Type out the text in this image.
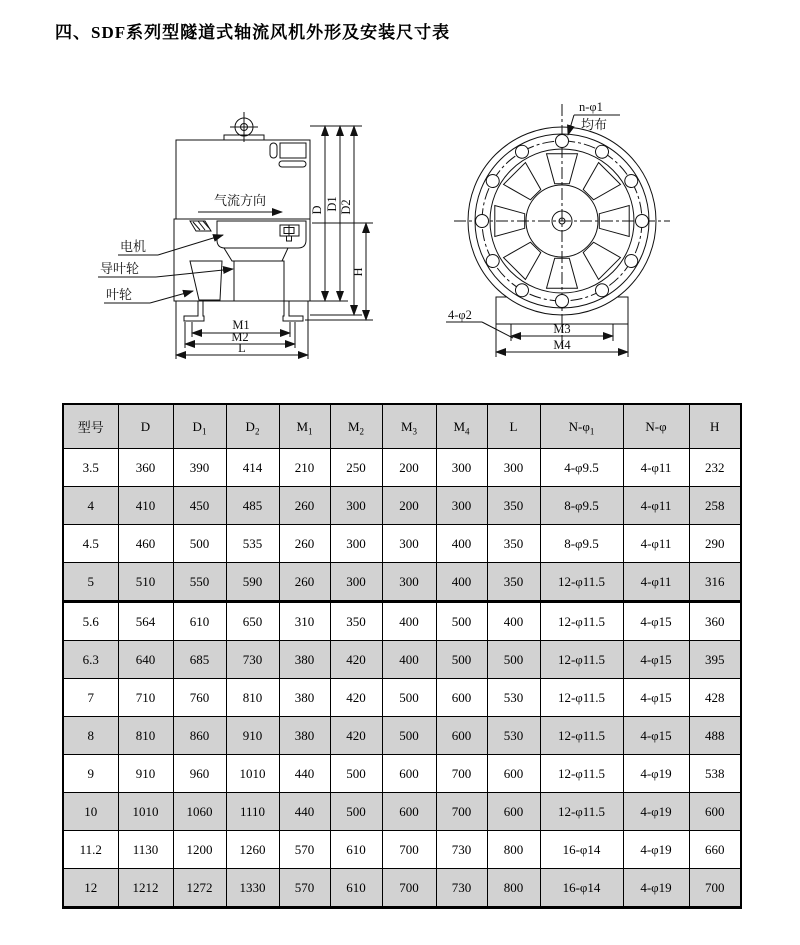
四、SDF系列型隧道式轴流风机外形及安装尺寸表
气流方向
电机
导叶轮
叶轮
M1
M2
L
D D1 D2
H
n-φ1
均布
4-φ2
M3
M4
型号	D	$D_1$	$D_2$	$M_1$	$M_2$	$M_3$	$M_4$	L	$N-\varphi_1$	N-φ	H
3.5	360	390	414	210	250	200	300	300	4-φ9.5	4-φ11	232
4	410	450	485	260	300	200	300	350	8-φ9.5	4-φ11	258
4.5	460	500	535	260	300	300	400	350	8-φ9.5	4-φ11	290
5	510	550	590	260	300	300	400	350	12-φ11.5	4-φ11	316
5.6	564	610	650	310	350	400	500	400	12-φ11.5	4-φ15	360
6.3	640	685	730	380	420	400	500	500	12-φ11.5	4-φ15	395
7	710	760	810	380	420	500	600	530	12-φ11.5	4-φ15	428
8	810	860	910	380	420	500	600	530	12-φ11.5	4-φ15	488
9	910	960	1010	440	500	600	700	600	12-φ11.5	4-φ19	538
10	1010	1060	1110	440	500	600	700	600	12-φ11.5	4-φ19	600
11.2	1130	1200	1260	570	610	700	730	800	16-φ14	4-φ19	660
12	1212	1272	1330	570	610	700	730	800	16-φ14	4-φ19	700
